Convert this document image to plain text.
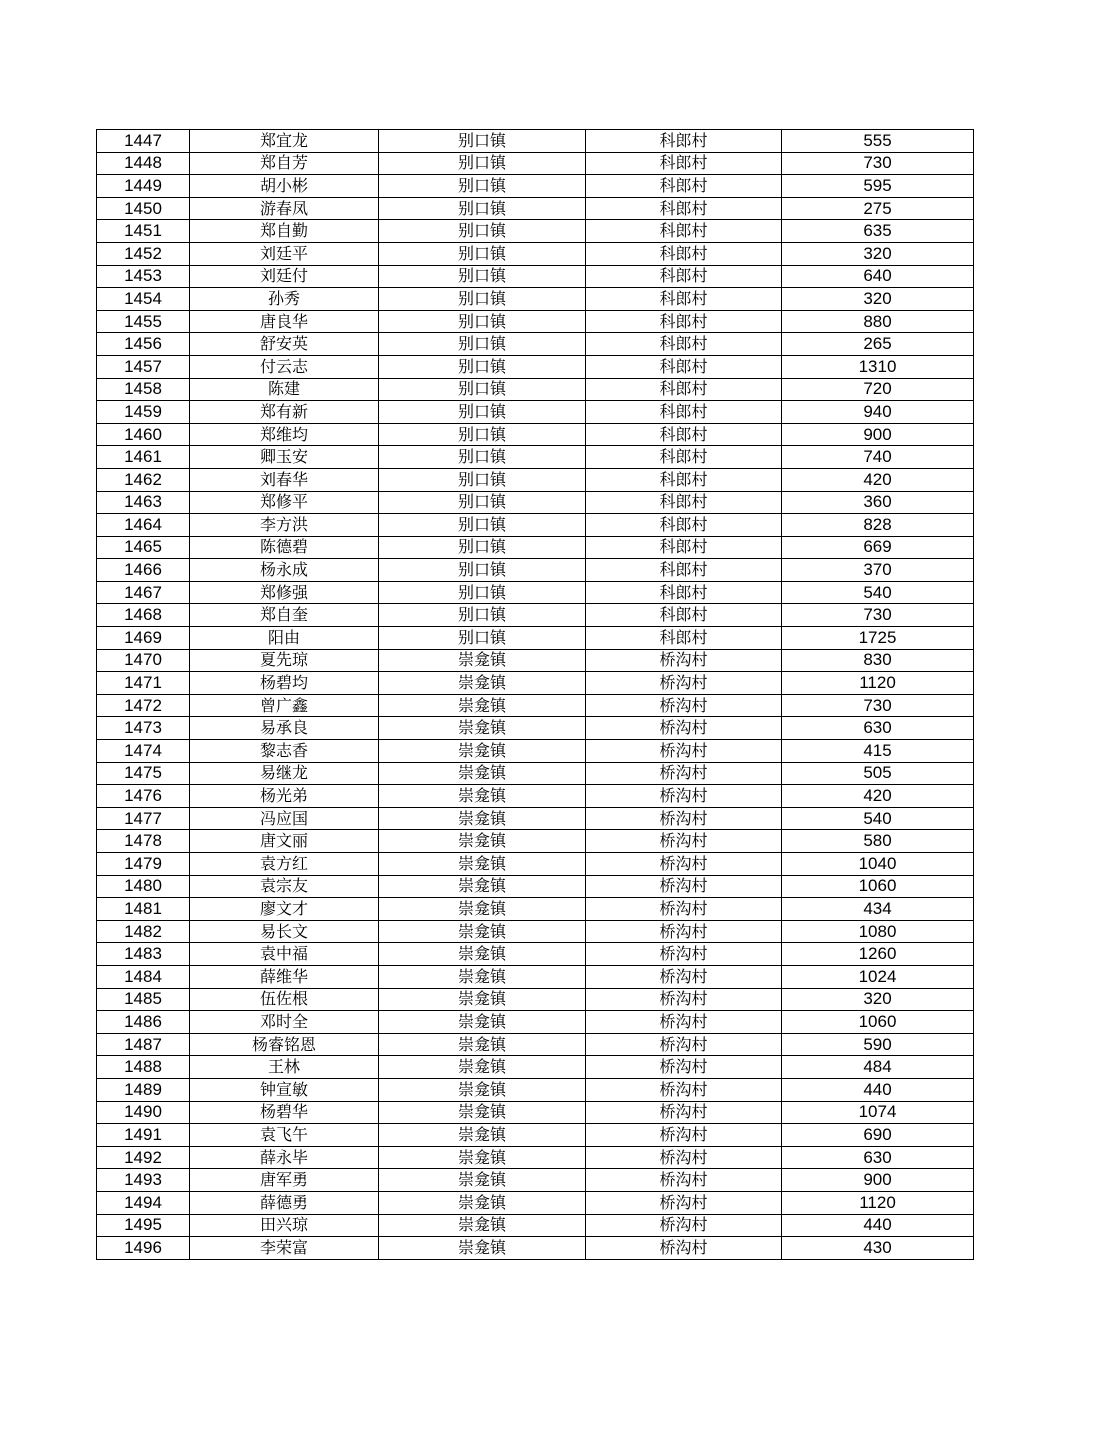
1447	郑宜龙	别口镇	科郎村	555
1448	郑自芳	别口镇	科郎村	730
1449	胡小彬	别口镇	科郎村	595
1450	游春凤	别口镇	科郎村	275
1451	郑自勤	别口镇	科郎村	635
1452	刘廷平	别口镇	科郎村	320
1453	刘廷付	别口镇	科郎村	640
1454	孙秀	别口镇	科郎村	320
1455	唐良华	别口镇	科郎村	880
1456	舒安英	别口镇	科郎村	265
1457	付云志	别口镇	科郎村	1310
1458	陈建	别口镇	科郎村	720
1459	郑有新	别口镇	科郎村	940
1460	郑维均	别口镇	科郎村	900
1461	卿玉安	别口镇	科郎村	740
1462	刘春华	别口镇	科郎村	420
1463	郑修平	别口镇	科郎村	360
1464	李方洪	别口镇	科郎村	828
1465	陈德碧	别口镇	科郎村	669
1466	杨永成	别口镇	科郎村	370
1467	郑修强	别口镇	科郎村	540
1468	郑自奎	别口镇	科郎村	730
1469	阳由	别口镇	科郎村	1725
1470	夏先琼	崇龛镇	桥沟村	830
1471	杨碧均	崇龛镇	桥沟村	1120
1472	曾广鑫	崇龛镇	桥沟村	730
1473	易承良	崇龛镇	桥沟村	630
1474	黎志香	崇龛镇	桥沟村	415
1475	易继龙	崇龛镇	桥沟村	505
1476	杨光弟	崇龛镇	桥沟村	420
1477	冯应国	崇龛镇	桥沟村	540
1478	唐文丽	崇龛镇	桥沟村	580
1479	袁方红	崇龛镇	桥沟村	1040
1480	袁宗友	崇龛镇	桥沟村	1060
1481	廖文才	崇龛镇	桥沟村	434
1482	易长文	崇龛镇	桥沟村	1080
1483	袁中福	崇龛镇	桥沟村	1260
1484	薛维华	崇龛镇	桥沟村	1024
1485	伍佐根	崇龛镇	桥沟村	320
1486	邓时全	崇龛镇	桥沟村	1060
1487	杨睿铭恩	崇龛镇	桥沟村	590
1488	王林	崇龛镇	桥沟村	484
1489	钟宣敏	崇龛镇	桥沟村	440
1490	杨碧华	崇龛镇	桥沟村	1074
1491	袁飞午	崇龛镇	桥沟村	690
1492	薛永毕	崇龛镇	桥沟村	630
1493	唐军勇	崇龛镇	桥沟村	900
1494	薛德勇	崇龛镇	桥沟村	1120
1495	田兴琼	崇龛镇	桥沟村	440
1496	李荣富	崇龛镇	桥沟村	430
